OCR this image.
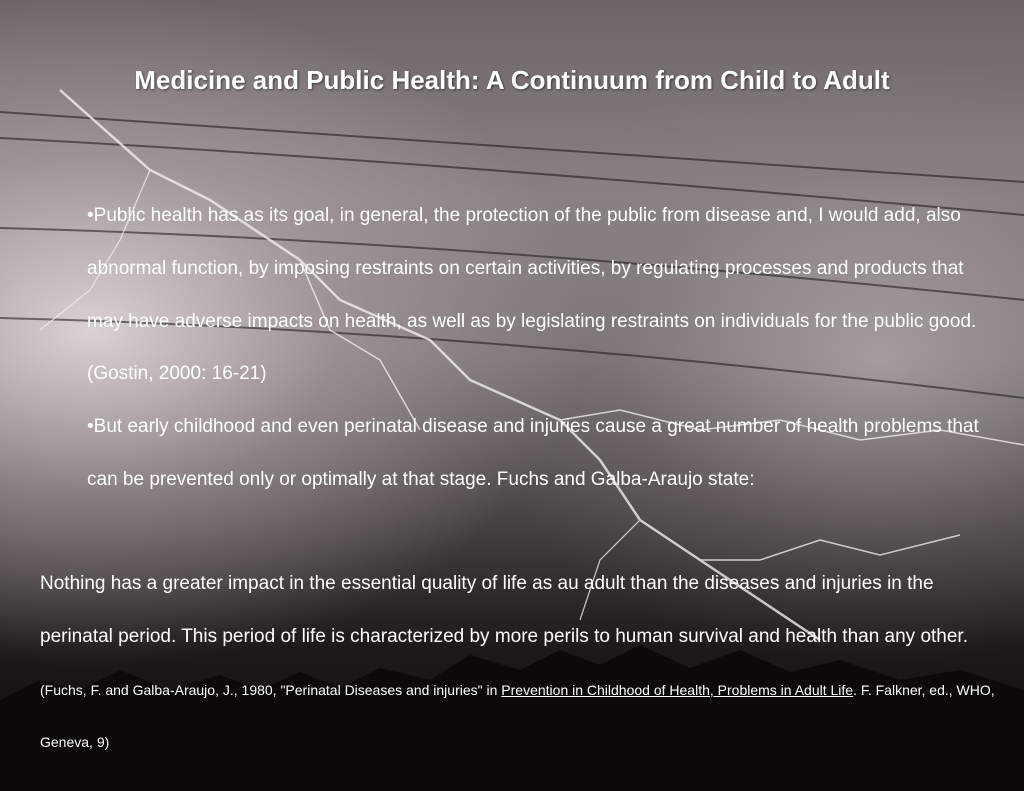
Medicine and Public Health: A Continuum from Child to Adult

•Public health has as its goal, in general, the protection of the public from disease and, I would add, also abnormal function, by imposing restraints on certain activities, by regulating processes and products that may have adverse impacts on health, as well as by legislating restraints on individuals for the public good. (Gostin, 2000: 16-21)

•But early childhood and even perinatal disease and injuries cause a great number of health problems that can be prevented only or optimally at that stage. Fuchs and Galba-Araujo state:

Nothing has a greater impact in the essential quality of life as au adult than the diseases and injuries in the perinatal period. This period of life is characterized by more perils to human survival and health than any other. (Fuchs, F. and Galba-Araujo, J., 1980, "Perinatal Diseases and injuries" in Prevention in Childhood of Health, Problems in Adult Life. F. Falkner, ed., WHO, Geneva, 9)
